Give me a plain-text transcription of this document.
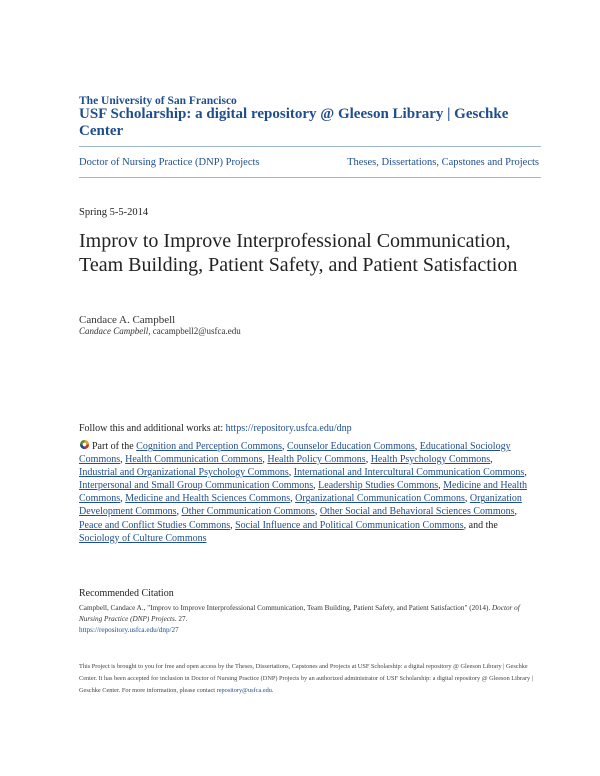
The University of San Francisco
USF Scholarship: a digital repository @ Gleeson Library | Geschke Center
Doctor of Nursing Practice (DNP) Projects	Theses, Dissertations, Capstones and Projects
Spring 5-5-2014
Improv to Improve Interprofessional Communication, Team Building, Patient Safety, and Patient Satisfaction
Candace A. Campbell
Candace Campbell, cacampbell2@usfca.edu
Follow this and additional works at: https://repository.usfca.edu/dnp
Part of the Cognition and Perception Commons, Counselor Education Commons, Educational Sociology Commons, Health Communication Commons, Health Policy Commons, Health Psychology Commons, Industrial and Organizational Psychology Commons, International and Intercultural Communication Commons, Interpersonal and Small Group Communication Commons, Leadership Studies Commons, Medicine and Health Commons, Medicine and Health Sciences Commons, Organizational Communication Commons, Organization Development Commons, Other Communication Commons, Other Social and Behavioral Sciences Commons, Peace and Conflict Studies Commons, Social Influence and Political Communication Commons, and the Sociology of Culture Commons
Recommended Citation
Campbell, Candace A., "Improv to Improve Interprofessional Communication, Team Building, Patient Safety, and Patient Satisfaction" (2014). Doctor of Nursing Practice (DNP) Projects. 27.
https://repository.usfca.edu/dnp/27
This Project is brought to you for free and open access by the Theses, Dissertations, Capstones and Projects at USF Scholarship: a digital repository @ Gleeson Library | Geschke Center. It has been accepted for inclusion in Doctor of Nursing Practice (DNP) Projects by an authorized administrator of USF Scholarship: a digital repository @ Gleeson Library | Geschke Center. For more information, please contact repository@usfca.edu.
